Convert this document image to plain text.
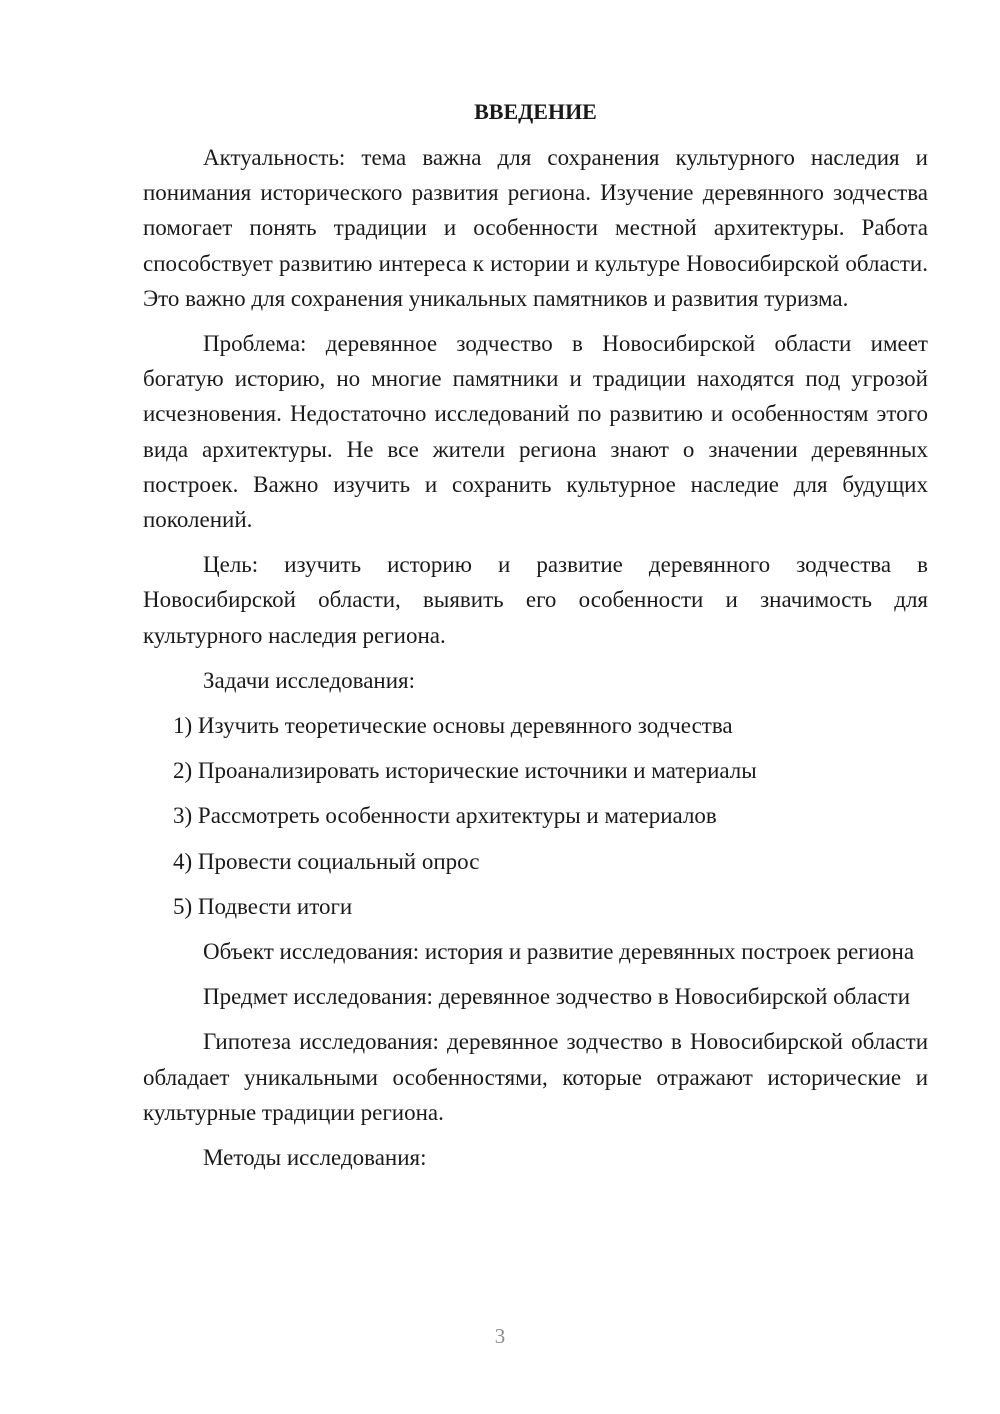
ВВЕДЕНИЕ

Актуальность: тема важна для сохранения культурного наследия и понимания исторического развития региона. Изучение деревянного зодчества помогает понять традиции и особенности местной архитектуры. Работа способствует развитию интереса к истории и культуре Новосибирской области. Это важно для сохранения уникальных памятников и развития туризма.

Проблема: деревянное зодчество в Новосибирской области имеет богатую историю, но многие памятники и традиции находятся под угрозой исчезновения. Недостаточно исследований по развитию и особенностям этого вида архитектуры. Не все жители региона знают о значении деревянных построек. Важно изучить и сохранить культурное наследие для будущих поколений.

Цель: изучить историю и развитие деревянного зодчества в Новосибирской области, выявить его особенности и значимость для культурного наследия региона.

Задачи исследования:
1) Изучить теоретические основы деревянного зодчества
2) Проанализировать исторические источники и материалы
3) Рассмотреть особенности архитектуры и материалов
4) Провести социальный опрос
5) Подвести итоги

Объект исследования: история и развитие деревянных построек региона

Предмет исследования: деревянное зодчество в Новосибирской области

Гипотеза исследования: деревянное зодчество в Новосибирской области обладает уникальными особенностями, которые отражают исторические и культурные традиции региона.

Методы исследования:

3
